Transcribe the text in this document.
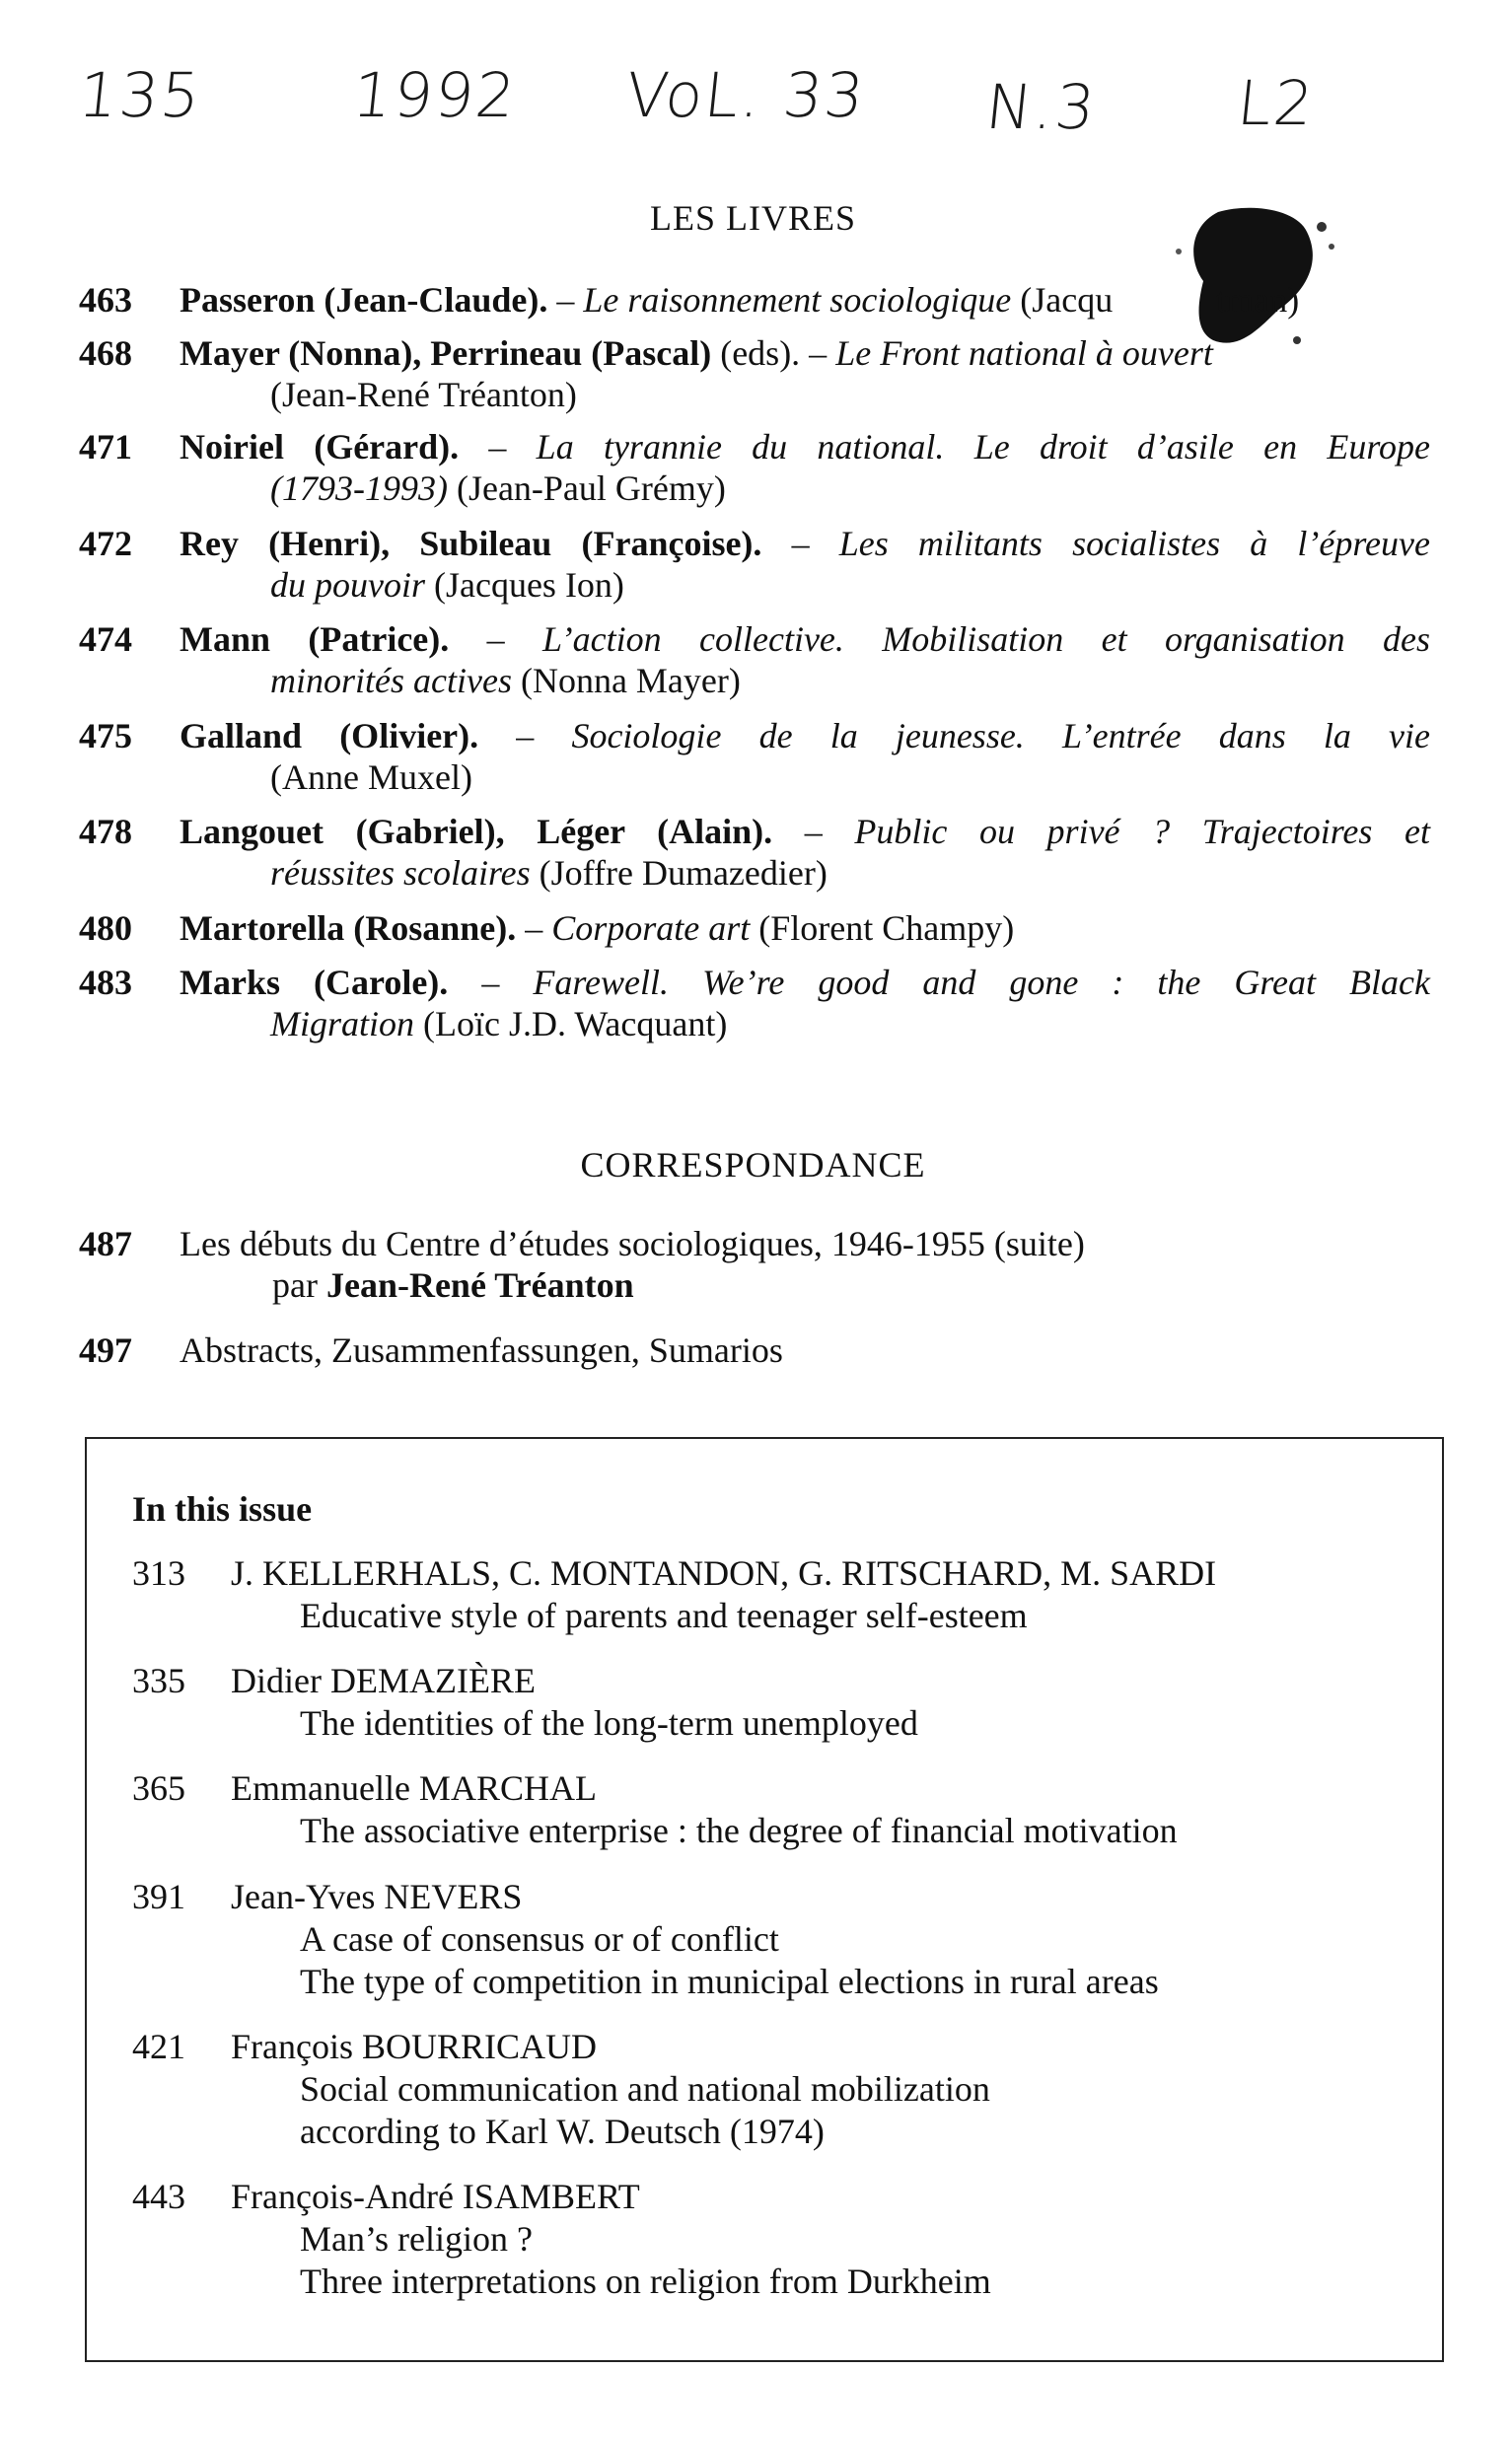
135 1992 VoL. 33 N.3 L2
LES LIVRES
463	Passeron (Jean-Claude). – Le raisonnement sociologique (Jacqu	tman)
468	Mayer (Nonna), Perrineau (Pascal) (eds). – Le Front national à ouvert
(Jean-René Tréanton)
471	Noiriel (Gérard). – La tyrannie du national. Le droit d’asile en Europe
(1793-1993) (Jean-Paul Grémy)
472	Rey (Henri), Subileau (Françoise). – Les militants socialistes à l’épreuve
du pouvoir (Jacques Ion)
474	Mann (Patrice). – L’action collective. Mobilisation et organisation des
minorités actives (Nonna Mayer)
475	Galland (Olivier). – Sociologie de la jeunesse. L’entrée dans la vie
(Anne Muxel)
478	Langouet (Gabriel), Léger (Alain). – Public ou privé ? Trajectoires et
réussites scolaires (Joffre Dumazedier)
480	Martorella (Rosanne). – Corporate art (Florent Champy)
483	Marks (Carole). – Farewell. We’re good and gone : the Great Black
Migration (Loïc J.D. Wacquant)
CORRESPONDANCE
487 Les débuts du Centre d’études sociologiques, 1946-1955 (suite)
par Jean-René Tréanton
497 Abstracts, Zusammenfassungen, Sumarios
In this issue
313	J. KELLERHALS, C. MONTANDON, G. RITSCHARD, M. SARDI
Educative style of parents and teenager self-esteem
335	Didier DEMAZIÈRE
The identities of the long-term unemployed
365	Emmanuelle MARCHAL
The associative enterprise : the degree of financial motivation
391	Jean-Yves NEVERS
A case of consensus or of conflict
The type of competition in municipal elections in rural areas
421	François BOURRICAUD
Social communication and national mobilization
according to Karl W. Deutsch (1974)
443	François-André ISAMBERT
Man’s religion ?
Three interpretations on religion from Durkheim
